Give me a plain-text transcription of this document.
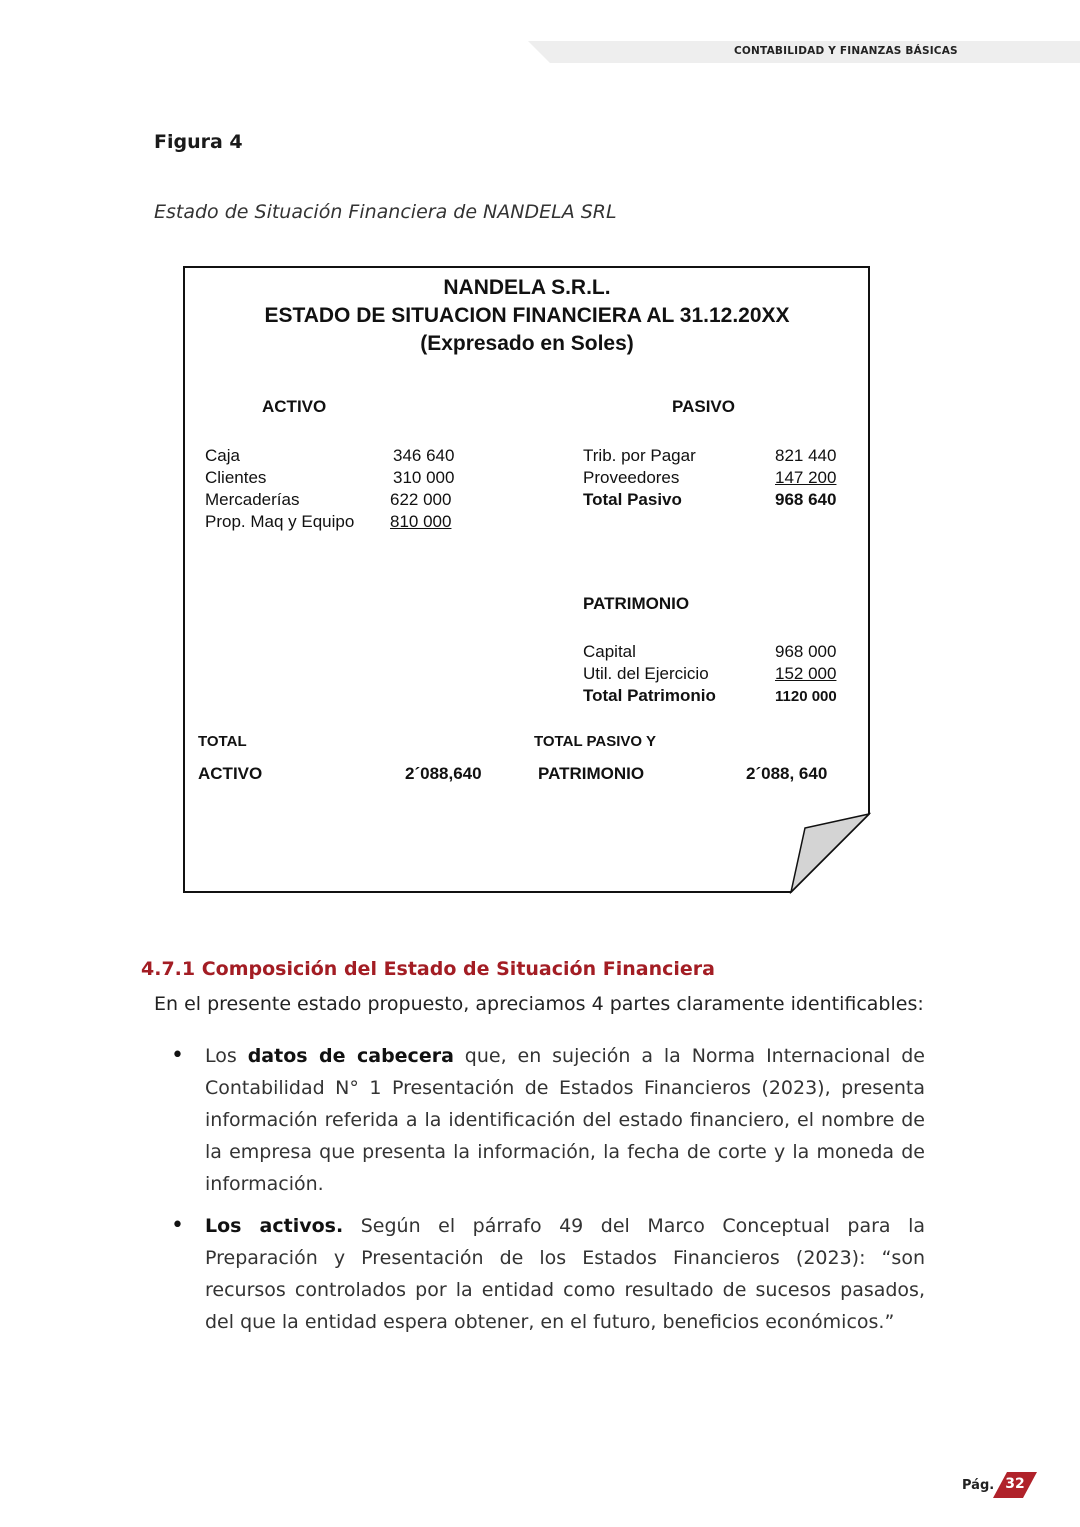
CONTABILIDAD Y FINANZAS BÁSICAS
Figura 4
Estado de Situación Financiera de NANDELA SRL
NANDELA S.R.L.
ESTADO DE SITUACION FINANCIERA AL 31.12.20XX
(Expresado en Soles)
ACTIVO	PASIVO
Caja	346 640
Clientes	310 000
Mercaderías	622 000
Prop. Maq y Equipo 810 000
Trib. por Pagar	821 440
Proveedores	147 200
Total Pasivo	968 640
PATRIMONIO
Capital	968 000
Util. del Ejercicio	152 000
Total Patrimonio	1120 000
TOTAL
ACTIVO	2´088,640
TOTAL PASIVO Y
PATRIMONIO	2´088, 640
4.7.1 Composición del Estado de Situación Financiera
En el presente estado propuesto, apreciamos 4 partes claramente identificables:
• Los datos de cabecera que, en sujeción a la Norma Internacional de Contabilidad N° 1 Presentación de Estados Financieros (2023), presenta información referida a la identificación del estado financiero, el nombre de la empresa que presenta la información, la fecha de corte y la moneda de información.
• Los activos. Según el párrafo 49 del Marco Conceptual para la Preparación y Presentación de los Estados Financieros (2023): “son recursos controlados por la entidad como resultado de sucesos pasados, del que la entidad espera obtener, en el futuro, beneficios económicos.”
Pág. 32
